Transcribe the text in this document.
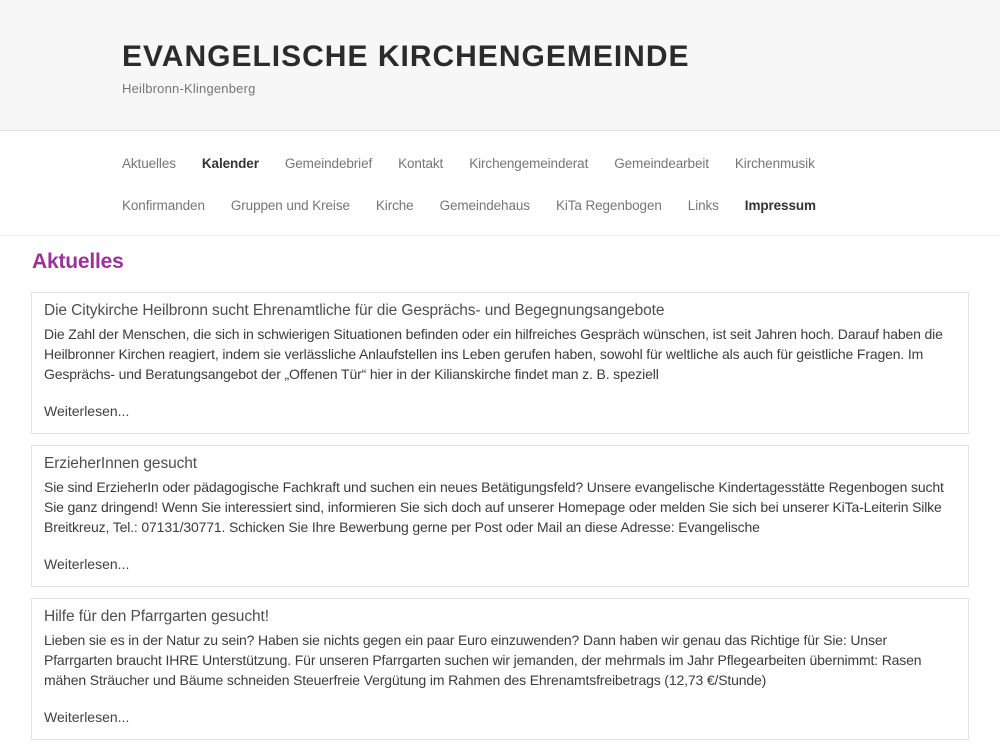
EVANGELISCHE KIRCHENGEMEINDE

Heilbronn-Klingenberg

Aktuelles Kalender Gemeindebrief Kontakt Kirchengemeinderat Gemeindearbeit Kirchenmusik
Konfirmanden Gruppen und Kreise Kirche Gemeindehaus KiTa Regenbogen Links Impressum
Aktuelles
Die Citykirche Heilbronn sucht Ehrenamtliche für die Gesprächs- und Begegnungsangebote

Die Zahl der Menschen, die sich in schwierigen Situationen befinden oder ein hilfreiches Gespräch wünschen, ist seit Jahren hoch. Darauf haben die Heilbronner Kirchen reagiert, indem sie verlässliche Anlaufstellen ins Leben gerufen haben, sowohl für weltliche als auch für geistliche Fragen. Im Gesprächs- und Beratungsangebot der „Offenen Tür“ hier in der Kilianskirche findet man z. B. speziell

Weiterlesen...
ErzieherInnen gesucht

Sie sind ErzieherIn oder pädagogische Fachkraft und suchen ein neues Betätigungsfeld? Unsere evangelische Kindertagesstätte Regenbogen sucht Sie ganz dringend! Wenn Sie interessiert sind, informieren Sie sich doch auf unserer Homepage oder melden Sie sich bei unserer KiTa-Leiterin Silke Breitkreuz, Tel.: 07131/30771. Schicken Sie Ihre Bewerbung gerne per Post oder Mail an diese Adresse: Evangelische

Weiterlesen...
Hilfe für den Pfarrgarten gesucht!

Lieben sie es in der Natur zu sein? Haben sie nichts gegen ein paar Euro einzuwenden? Dann haben wir genau das Richtige für Sie: Unser Pfarrgarten braucht IHRE Unterstützung. Für unseren Pfarrgarten suchen wir jemanden, der mehrmals im Jahr Pflegearbeiten übernimmt: Rasen mähen Sträucher und Bäume schneiden Steuerfreie Vergütung im Rahmen des Ehrenamtsfreibetrags (12,73 €/Stunde)

Weiterlesen...
